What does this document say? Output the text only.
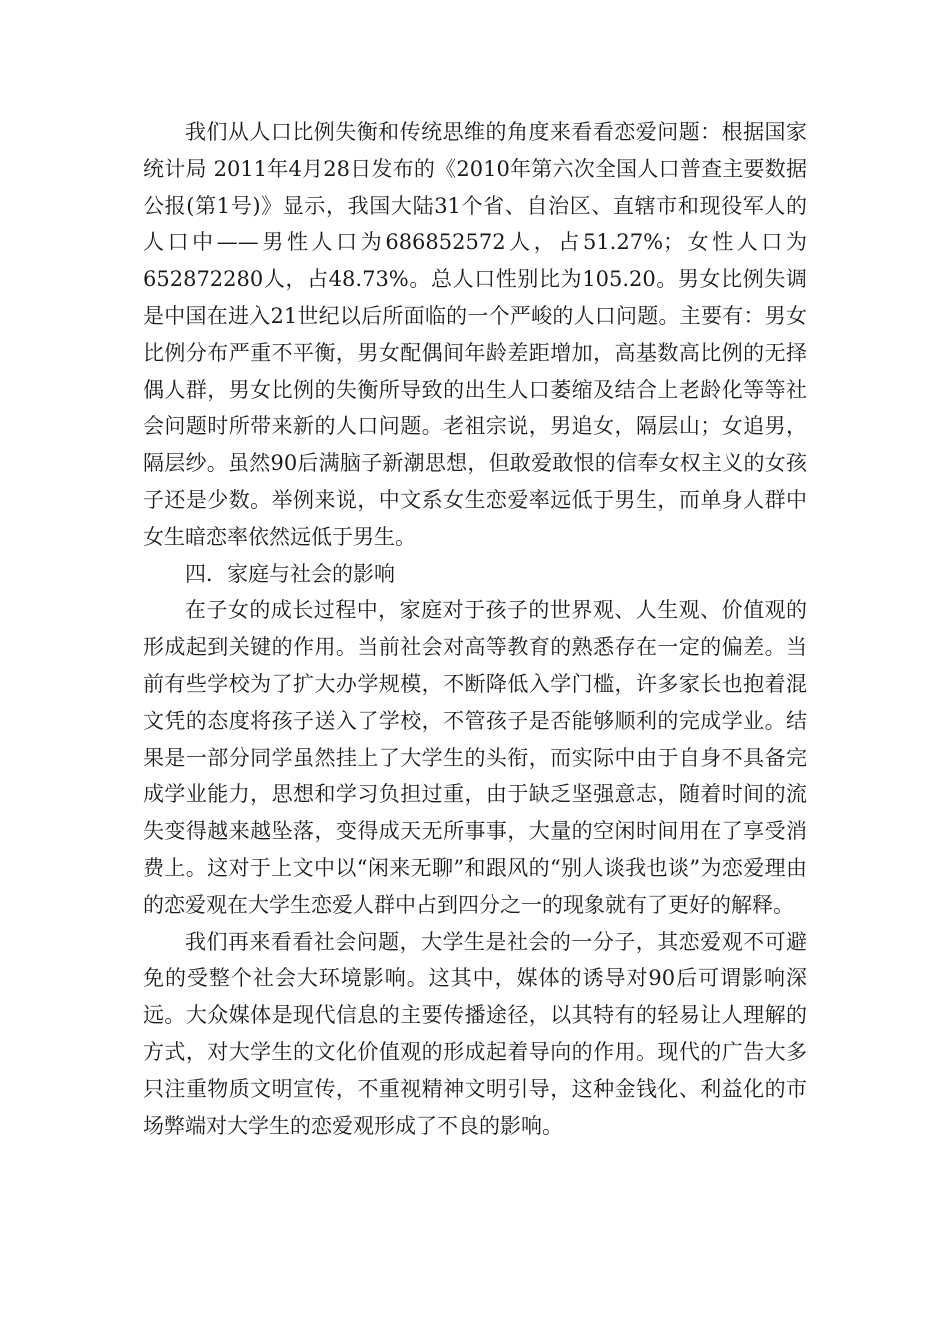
我们从人口比例失衡和传统思维的角度来看看恋爱问题：根据国家统计局 2011年4月28日发布的《2010年第六次全国人口普查主要数据公报(第1号)》显示，我国大陆31个省、自治区、直辖市和现役军人的人口中——男性人口为686852572人，占51.27%；女性人口为652872280人，占48.73%。总人口性别比为105.20。男女比例失调是中国在进入21世纪以后所面临的一个严峻的人口问题。主要有：男女比例分布严重不平衡，男女配偶间年龄差距增加，高基数高比例的无择偶人群，男女比例的失衡所导致的出生人口萎缩及结合上老龄化等等社会问题时所带来新的人口问题。老祖宗说，男追女，隔层山；女追男，隔层纱。虽然90后满脑子新潮思想，但敢爱敢恨的信奉女权主义的女孩子还是少数。举例来说，中文系女生恋爱率远低于男生，而单身人群中女生暗恋率依然远低于男生。

四．家庭与社会的影响

在子女的成长过程中，家庭对于孩子的世界观、人生观、价值观的形成起到关键的作用。当前社会对高等教育的熟悉存在一定的偏差。当前有些学校为了扩大办学规模，不断降低入学门槛，许多家长也抱着混文凭的态度将孩子送入了学校，不管孩子是否能够顺利的完成学业。结果是一部分同学虽然挂上了大学生的头衔，而实际中由于自身不具备完成学业能力，思想和学习负担过重，由于缺乏坚强意志，随着时间的流失变得越来越坠落，变得成天无所事事，大量的空闲时间用在了享受消费上。这对于上文中以“闲来无聊”和跟风的“别人谈我也谈”为恋爱理由的恋爱观在大学生恋爱人群中占到四分之一的现象就有了更好的解释。

我们再来看看社会问题，大学生是社会的一分子，其恋爱观不可避免的受整个社会大环境影响。这其中，媒体的诱导对90后可谓影响深远。大众媒体是现代信息的主要传播途径，以其特有的轻易让人理解的方式，对大学生的文化价值观的形成起着导向的作用。现代的广告大多只注重物质文明宣传，不重视精神文明引导，这种金钱化、利益化的市场弊端对大学生的恋爱观形成了不良的影响。
